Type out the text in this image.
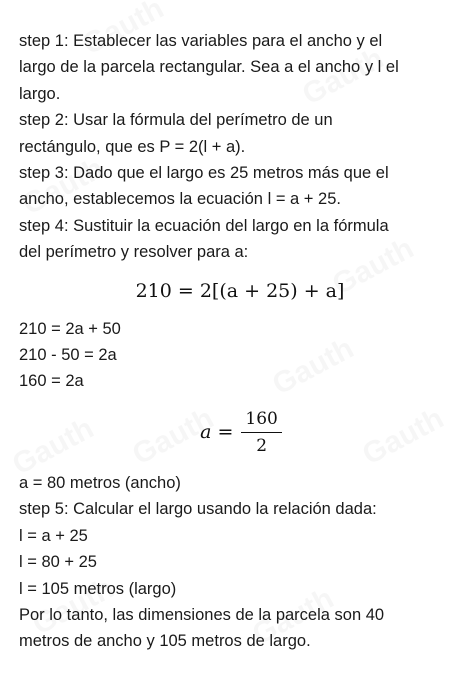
step 1: Establecer las variables para el ancho y el

largo de la parcela rectangular. Sea a el ancho y l el

largo.

step 2: Usar la fórmula del perímetro de un

rectángulo, que es P = 2(l + a).

step 3: Dado que el largo es 25 metros más que el

ancho, establecemos la ecuación l = a + 25.

step 4: Sustituir la ecuación del largo en la fórmula

del perímetro y resolver para a:

210 = 2[(a + 25) + a]

210 = 2a + 50

210 - 50 = 2a

160 = 2a

$a = \frac{160}{2}$

a = 80 metros (ancho)

step 5: Calcular el largo usando la relación dada:

l = a + 25

l = 80 + 25

l = 105 metros (largo)

Por lo tanto, las dimensiones de la parcela son 40

metros de ancho y 105 metros de largo.
